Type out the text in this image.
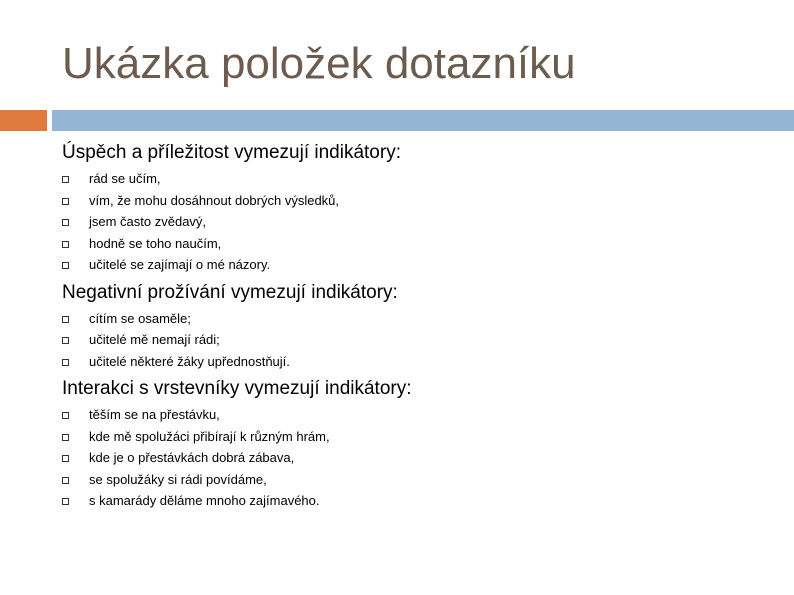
Ukázka položek dotazníku

Úspěch a příležitost vymezují indikátory:

rád se učím,
vím, že mohu dosáhnout dobrých výsledků,
jsem často zvědavý,
hodně se toho naučím,
učitelé se zajímají o mé názory.

Negativní prožívání vymezují indikátory:

cítím se osaměle;
učitelé mě nemají rádi;
učitelé některé žáky upřednostňují.

Interakci s vrstevníky vymezují indikátory:

těším se na přestávku,
kde mě spolužáci přibírají k různým hrám,
kde je o přestávkách dobrá zábava,
se spolužáky si rádi povídáme,
s kamarády děláme mnoho zajímavého.
